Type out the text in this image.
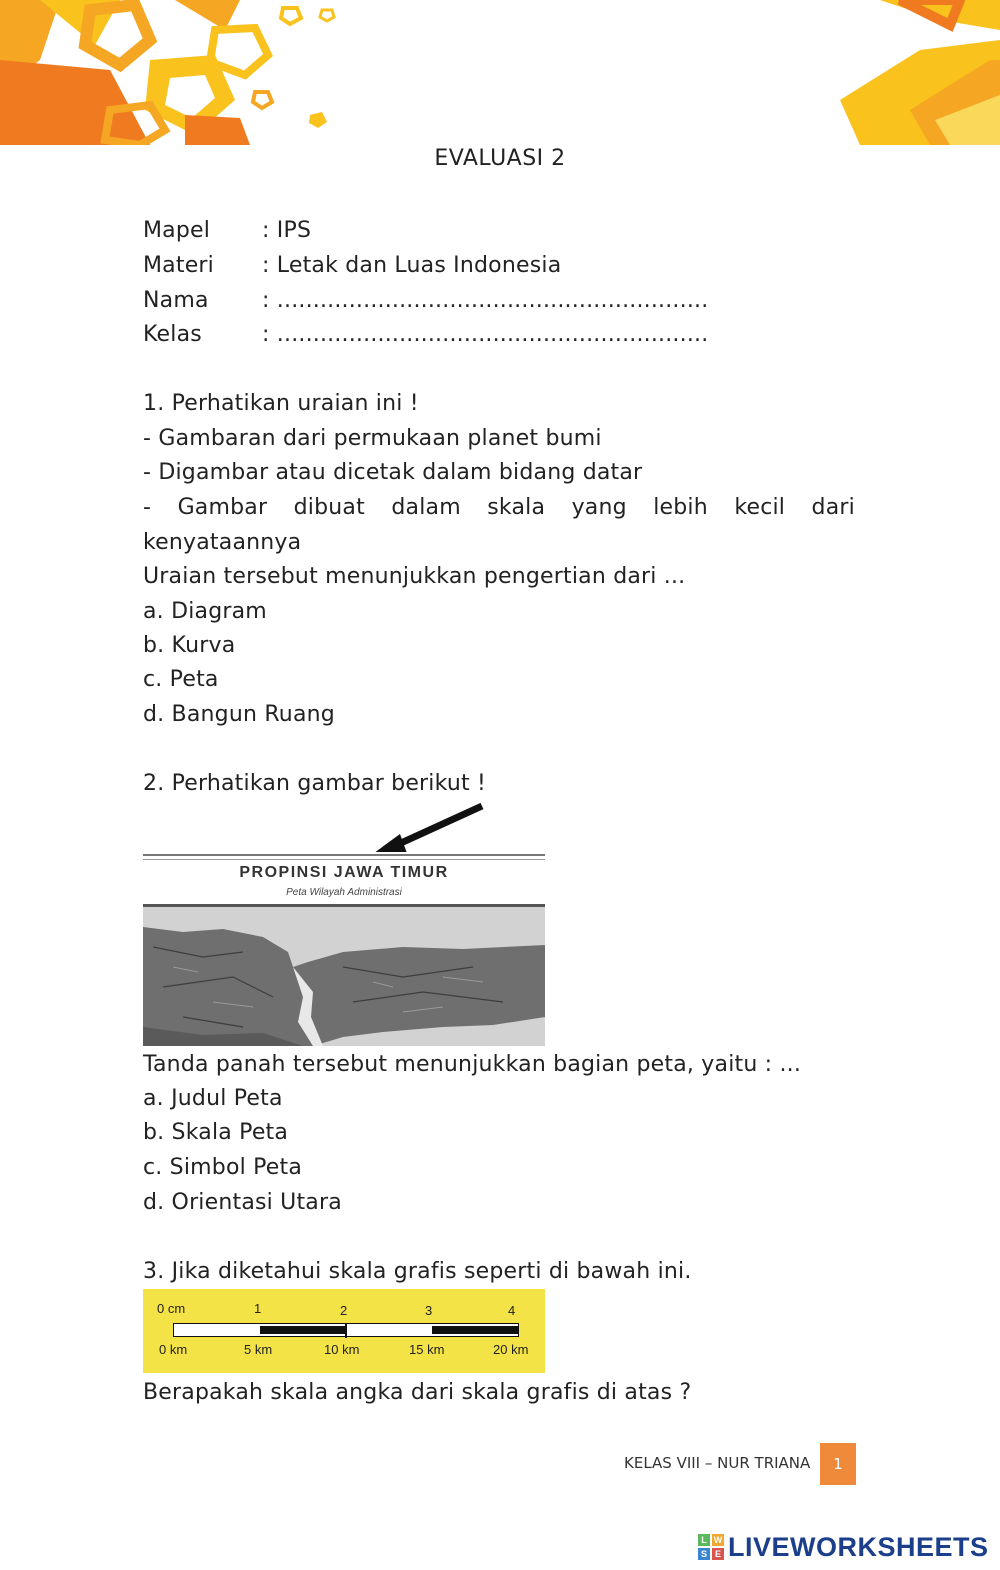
EVALUASI 2
Mapel : IPS
Materi : Letak dan Luas Indonesia
Nama : ............................................................
Kelas	: ............................................................
1. Perhatikan uraian ini !
- Gambaran dari permukaan planet bumi
- Digambar atau dicetak dalam bidang datar
- Gambar dibuat dalam skala yang lebih kecil dari
kenyataannya
Uraian tersebut menunjukkan pengertian dari ...
a. Diagram
b. Kurva
c. Peta
d. Bangun Ruang
2. Perhatikan gambar berikut !
PROPINSI JAWA TIMUR
Peta Wilayah Administrasi
Tanda panah tersebut menunjukkan bagian peta, yaitu : ...
a. Judul Peta
b. Skala Peta
c. Simbol Peta
d. Orientasi Utara
3. Jika diketahui skala grafis seperti di bawah ini.
0 cm	1	2	3	4
0 km	5 km	10 km	15 km	20 km
Berapakah skala angka dari skala grafis di atas ?
KELAS VIII – NUR TRIANA	1
L W
S E LIVEWORKSHEETS
